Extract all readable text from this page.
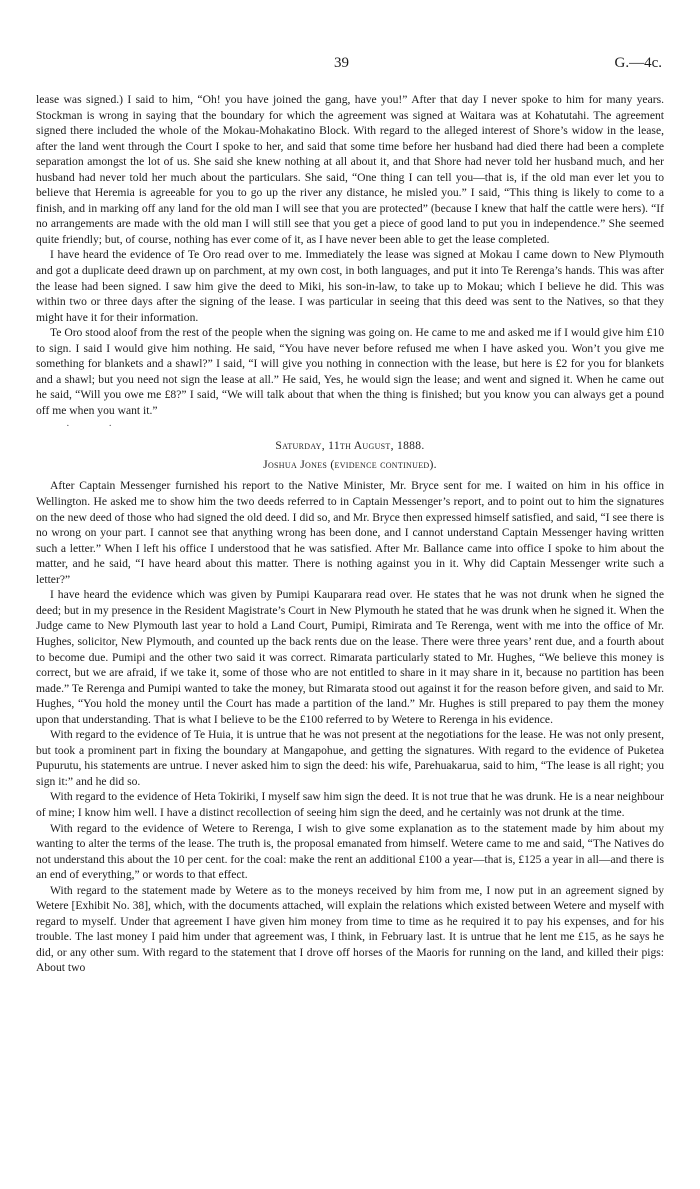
39	G.—4c.

lease was signed.) I said to him, “Oh! you have joined the gang, have you!” After that day I never spoke to him for many years. Stockman is wrong in saying that the boundary for which the agreement was signed at Waitara was at Kohatutahi. The agreement signed there included the whole of the Mokau-Mohakatino Block. With regard to the alleged interest of Shore’s widow in the lease, after the land went through the Court I spoke to her, and said that some time before her husband had died there had been a complete separation amongst the lot of us. She said she knew nothing at all about it, and that Shore had never told her husband much, and her husband had never told her much about the particulars. She said, “One thing I can tell you—that is, if the old man ever let you to believe that Heremia is agreeable for you to go up the river any distance, he misled you.” I said, “This thing is likely to come to a finish, and in marking off any land for the old man I will see that you are protected” (because I knew that half the cattle were hers). “If no arrangements are made with the old man I will still see that you get a piece of good land to put you in independence.” She seemed quite friendly; but, of course, nothing has ever come of it, as I have never been able to get the lease completed.

I have heard the evidence of Te Oro read over to me. Immediately the lease was signed at Mokau I came down to New Plymouth and got a duplicate deed drawn up on parchment, at my own cost, in both languages, and put it into Te Rerenga’s hands. This was after the lease had been signed. I saw him give the deed to Miki, his son-in-law, to take up to Mokau; which I believe he did. This was within two or three days after the signing of the lease. I was particular in seeing that this deed was sent to the Natives, so that they might have it for their information.

Te Oro stood aloof from the rest of the people when the signing was going on. He came to me and asked me if I would give him £10 to sign. I said I would give him nothing. He said, “You have never before refused me when I have asked you. Won’t you give me something for blankets and a shawl?” I said, “I will give you nothing in connection with the lease, but here is £2 for you for blankets and a shawl; but you need not sign the lease at all.” He said, Yes, he would sign the lease; and went and signed it. When he came out he said, “Will you owe me £8?” I said, “We will talk about that when the thing is finished; but you know you can always get a pound off me when you want it.”

· ·
Saturday, 11th August, 1888.
Joshua Jones (evidence continued).

After Captain Messenger furnished his report to the Native Minister, Mr. Bryce sent for me. I waited on him in his office in Wellington. He asked me to show him the two deeds referred to in Captain Messenger’s report, and to point out to him the signatures on the new deed of those who had signed the old deed. I did so, and Mr. Bryce then expressed himself satisfied, and said, “I see there is no wrong on your part. I cannot see that anything wrong has been done, and I cannot understand Captain Messenger having written such a letter.” When I left his office I understood that he was satisfied. After Mr. Ballance came into office I spoke to him about the matter, and he said, “I have heard about this matter. There is nothing against you in it. Why did Captain Messenger write such a letter?”

I have heard the evidence which was given by Pumipi Kauparara read over. He states that he was not drunk when he signed the deed; but in my presence in the Resident Magistrate’s Court in New Plymouth he stated that he was drunk when he signed it. When the Judge came to New Plymouth last year to hold a Land Court, Pumipi, Rimirata and Te Rerenga, went with me into the office of Mr. Hughes, solicitor, New Plymouth, and counted up the back rents due on the lease. There were three years’ rent due, and a fourth about to become due. Pumipi and the other two said it was correct. Rimarata particularly stated to Mr. Hughes, “We believe this money is correct, but we are afraid, if we take it, some of those who are not entitled to share in it may share in it, because no partition has been made.” Te Rerenga and Pumipi wanted to take the money, but Rimarata stood out against it for the reason before given, and said to Mr. Hughes, “You hold the money until the Court has made a partition of the land.” Mr. Hughes is still prepared to pay them the money upon that understanding. That is what I believe to be the £100 referred to by Wetere to Rerenga in his evidence.

With regard to the evidence of Te Huia, it is untrue that he was not present at the negotiations for the lease. He was not only present, but took a prominent part in fixing the boundary at Mangapohue, and getting the signatures. With regard to the evidence of Puketea Pupurutu, his statements are untrue. I never asked him to sign the deed: his wife, Parehuakarua, said to him, “The lease is all right; you sign it:” and he did so.

With regard to the evidence of Heta Tokiriki, I myself saw him sign the deed. It is not true that he was drunk. He is a near neighbour of mine; I know him well. I have a distinct recollection of seeing him sign the deed, and he certainly was not drunk at the time.

With regard to the evidence of Wetere to Rerenga, I wish to give some explanation as to the statement made by him about my wanting to alter the terms of the lease. The truth is, the proposal emanated from himself. Wetere came to me and said, “The Natives do not understand this about the 10 per cent. for the coal: make the rent an additional £100 a year—that is, £125 a year in all—and there is an end of everything,” or words to that effect.

With regard to the statement made by Wetere as to the moneys received by him from me, I now put in an agreement signed by Wetere [Exhibit No. 38], which, with the documents attached, will explain the relations which existed between Wetere and myself with regard to myself. Under that agreement I have given him money from time to time as he required it to pay his expenses, and for his trouble. The last money I paid him under that agreement was, I think, in February last. It is untrue that he lent me £15, as he says he did, or any other sum. With regard to the statement that I drove off horses of the Maoris for running on the land, and killed their pigs: About two
